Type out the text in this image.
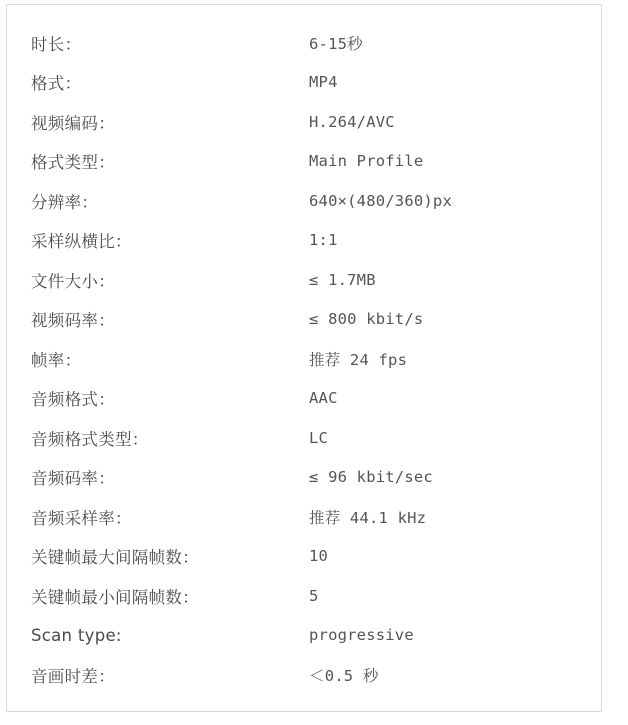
时长：	6-15秒
格式：	MP4
视频编码：	H.264/AVC
格式类型：	Main Profile
分辨率：	640×(480/360)px
采样纵横比：	1:1
文件大小：	≤ 1.7MB
视频码率：	≤ 800 kbit/s
帧率：	推荐 24 fps
音频格式：	AAC
音频格式类型：	LC
音频码率：	≤ 96 kbit/sec
音频采样率：	推荐 44.1 kHz
关键帧最大间隔帧数：	10
关键帧最小间隔帧数：	5
Scan type:	progressive
音画时差：	＜0.5 秒
